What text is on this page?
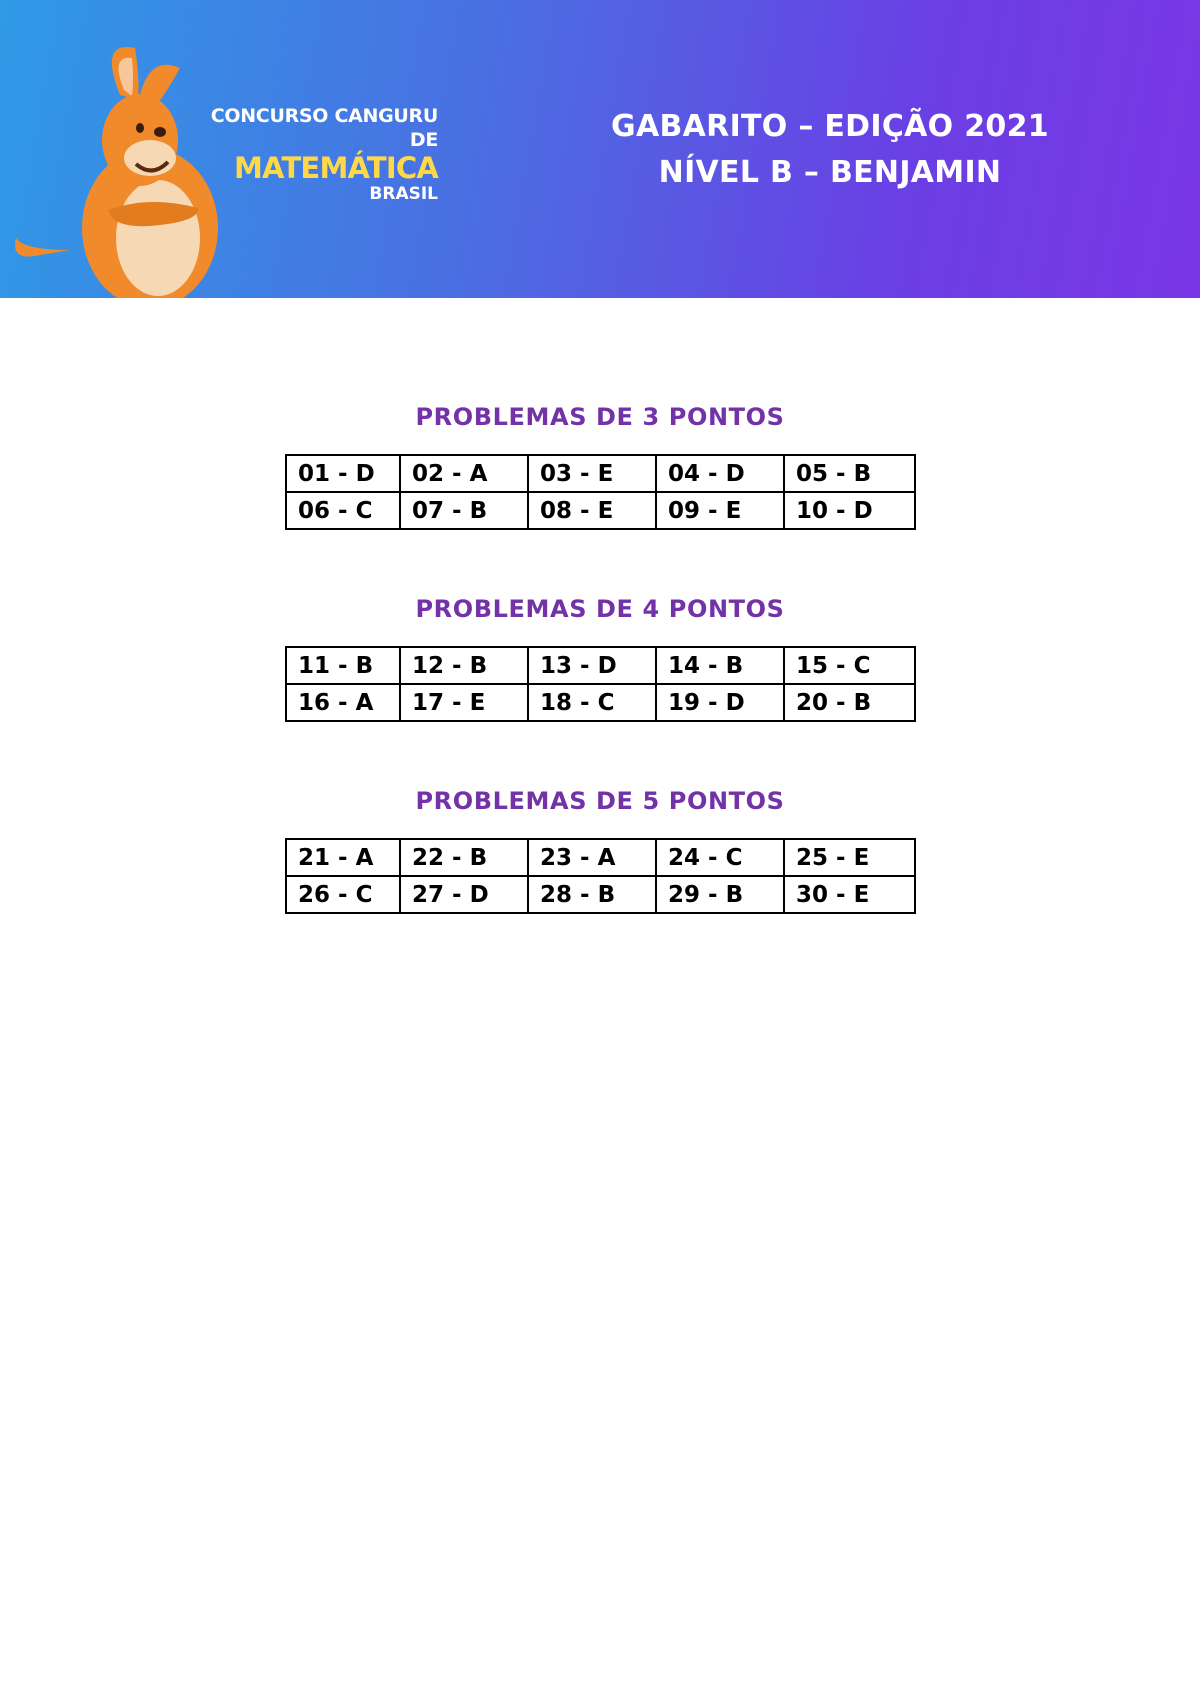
CONCURSO CANGURU DE
MATEMÁTICA
BRASIL
GABARITO – EDIÇÃO 2021
NÍVEL B – BENJAMIN
PROBLEMAS DE 3 PONTOS
01 - D	02 - A	03 - E	04 - D	05 - B
06 - C	07 - B	08 - E	09 - E	10 - D
PROBLEMAS DE 4 PONTOS
11 - B	12 - B	13 - D	14 - B	15 - C
16 - A	17 - E	18 - C	19 - D	20 - B
PROBLEMAS DE 5 PONTOS
21 - A	22 - B	23 - A	24 - C	25 - E
26 - C	27 - D	28 - B	29 - B	30 - E
